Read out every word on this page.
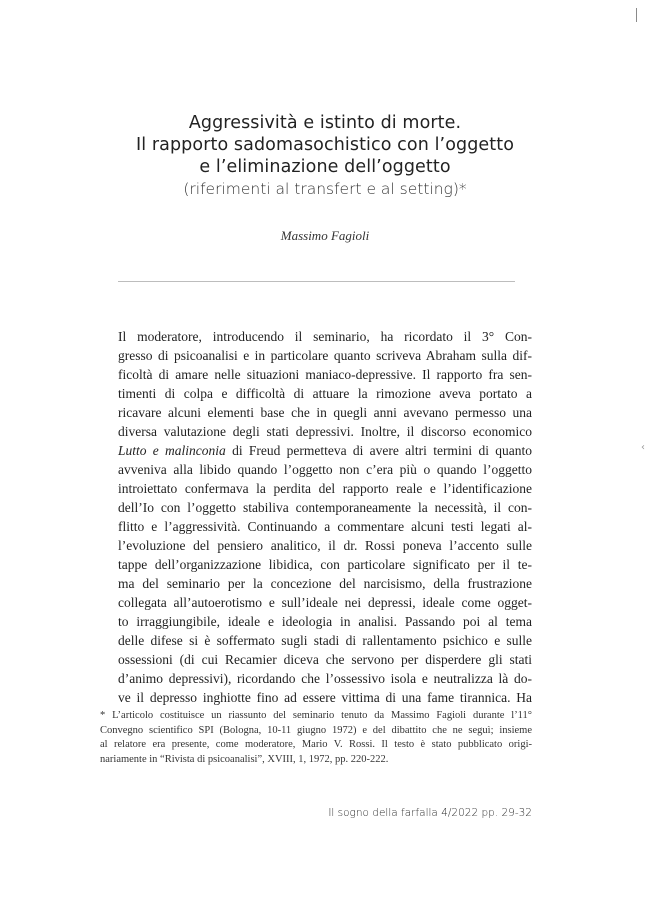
‹
Aggressività e istinto di morte.
Il rapporto sadomasochistico con l’oggetto
e l’eliminazione dell’oggetto
(riferimenti al transfert e al setting)*
Massimo Fagioli
Il moderatore, introducendo il seminario, ha ricordato il 3° Con-
gresso di psicoanalisi e in particolare quanto scriveva Abraham sulla dif-
ficoltà di amare nelle situazioni maniaco-depressive. Il rapporto fra sen-
timenti di colpa e difficoltà di attuare la rimozione aveva portato a
ricavare alcuni elementi base che in quegli anni avevano permesso una
diversa valutazione degli stati depressivi. Inoltre, il discorso economico
Lutto e malinconia di Freud permetteva di avere altri termini di quanto
avveniva alla libido quando l’oggetto non c’era più o quando l’oggetto
introiettato confermava la perdita del rapporto reale e l’identificazione
dell’Io con l’oggetto stabiliva contemporaneamente la necessità, il con-
flitto e l’aggressività. Continuando a commentare alcuni testi legati al-
l’evoluzione del pensiero analitico, il dr. Rossi poneva l’accento sulle
tappe dell’organizzazione libidica, con particolare significato per il te-
ma del seminario per la concezione del narcisismo, della frustrazione
collegata all’autoerotismo e sull’ideale nei depressi, ideale come ogget-
to irraggiungibile, ideale e ideologia in analisi. Passando poi al tema
delle difese si è soffermato sugli stadi di rallentamento psichico e sulle
ossessioni (di cui Recamier diceva che servono per disperdere gli stati
d’animo depressivi), ricordando che l’ossessivo isola e neutralizza là do-
ve il depresso inghiotte fino ad essere vittima di una fame tirannica. Ha
* L’articolo costituisce un riassunto del seminario tenuto da Massimo Fagioli durante l’11°
Convegno scientifico SPI (Bologna, 10-11 giugno 1972) e del dibattito che ne seguì; insieme
al relatore era presente, come moderatore, Mario V. Rossi. Il testo è stato pubblicato origi-
nariamente in “Rivista di psicoanalisi”, XVIII, 1, 1972, pp. 220-222.
Il sogno della farfalla 4/2022 pp. 29-32
